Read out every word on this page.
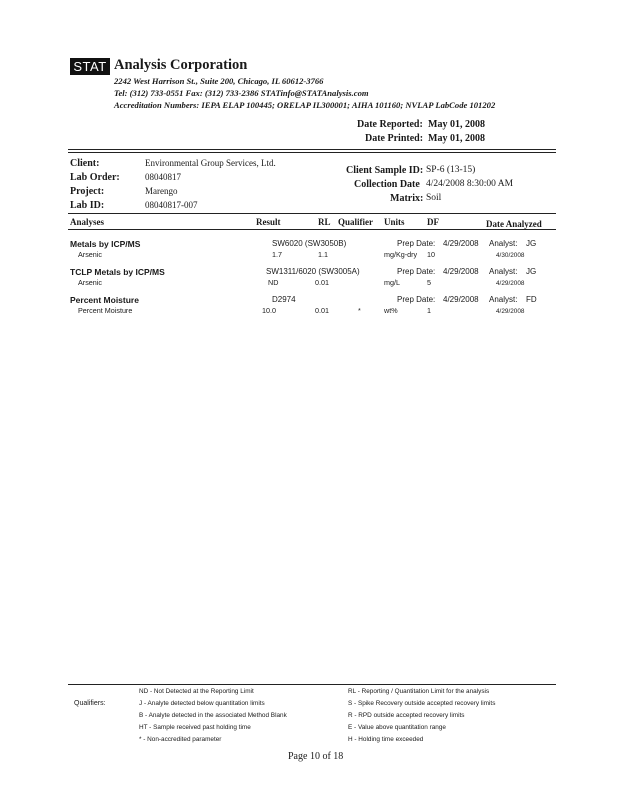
STAT Analysis Corporation
2242 West Harrison St., Suite 200, Chicago, IL 60612-3766
Tel: (312) 733-0551 Fax: (312) 733-2386 STATinfo@STATAnalysis.com
Accreditation Numbers: IEPA ELAP 100445; ORELAP IL300001; AIHA 101160; NVLAP LabCode 101202
Date Reported: May 01, 2008
Date Printed: May 01, 2008
Client:	Environmental Group Services, Ltd.
Lab Order:	08040817
Project:	Marengo
Lab ID:	08040817-007
Client Sample ID: SP-6 (13-15)
Collection Date 4/24/2008 8:30:00 AM
Matrix: Soil
Analyses	Result	RL Qualifier Units DF	Date Analyzed
Metals by ICP/MS	SW6020 (SW3050B)	Prep Date: 4/29/2008 Analyst: JG
Arsenic	1.7	1.1	mg/Kg-dry 10	4/30/2008
TCLP Metals by ICP/MS	SW1311/6020 (SW3005A)	Prep Date: 4/29/2008 Analyst: JG
Arsenic	ND	0.01	mg/L	5	4/29/2008
Percent Moisture	D2974	Prep Date: 4/29/2008 Analyst: FD
Percent Moisture	10.0	0.01	*	wt%	1	4/29/2008
Qualifiers:
ND - Not Detected at the Reporting Limit
J - Analyte detected below quantitation limits
B - Analyte detected in the associated Method Blank
HT - Sample received past holding time
* - Non-accredited parameter
RL - Reporting / Quantitation Limit for the analysis
S - Spike Recovery outside accepted recovery limits
R - RPD outside accepted recovery limits
E - Value above quantitation range
H - Holding time exceeded
Page 10 of 18
